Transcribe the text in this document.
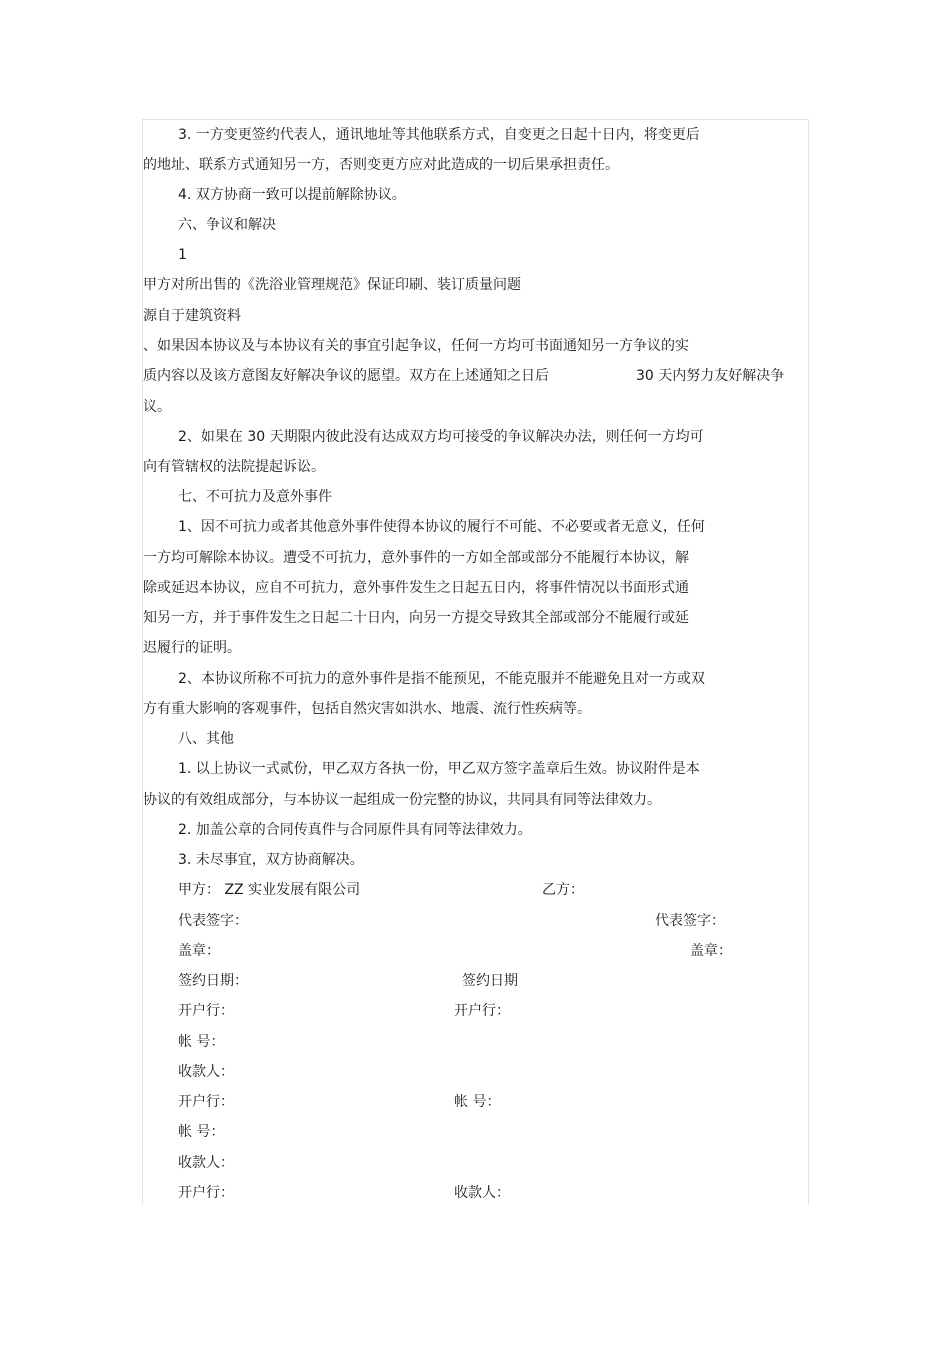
3. 一方变更签约代表人，通讯地址等其他联系方式，自变更之日起十日内，将变更后
的地址、联系方式通知另一方，否则变更方应对此造成的一切后果承担责任。
4. 双方协商一致可以提前解除协议。
六、争议和解决
1
甲方对所出售的《洗浴业管理规范》保证印刷、装订质量问题
源自于建筑资料
、如果因本协议及与本协议有关的事宜引起争议，任何一方均可书面通知另一方争议的实
质内容以及该方意图友好解决争议的愿望。双方在上述通知之日后	30 天内努力友好解决争
议。
2、如果在 30 天期限内彼此没有达成双方均可接受的争议解决办法，则任何一方均可
向有管辖权的法院提起诉讼。
七、不可抗力及意外事件
1、因不可抗力或者其他意外事件使得本协议的履行不可能、不必要或者无意义，任何
一方均可解除本协议。遭受不可抗力，意外事件的一方如全部或部分不能履行本协议，解
除或延迟本协议，应自不可抗力，意外事件发生之日起五日内，将事件情况以书面形式通
知另一方，并于事件发生之日起二十日内，向另一方提交导致其全部或部分不能履行或延
迟履行的证明。
2、本协议所称不可抗力的意外事件是指不能预见，不能克服并不能避免且对一方或双
方有重大影响的客观事件，包括自然灾害如洪水、地震、流行性疾病等。
八、其他
1. 以上协议一式贰份，甲乙双方各执一份，甲乙双方签字盖章后生效。协议附件是本
协议的有效组成部分，与本协议一起组成一份完整的协议，共同具有同等法律效力。
2. 加盖公章的合同传真件与合同原件具有同等法律效力。
3. 未尽事宜，双方协商解决。
甲方： ZZ 实业发展有限公司	乙方：
代表签字：	代表签字：
盖章：	盖章：
签约日期：	签约日期
开户行：	开户行：
帐 号：
收款人：
开户行：	帐 号：
帐 号：
收款人：
开户行：	收款人：
